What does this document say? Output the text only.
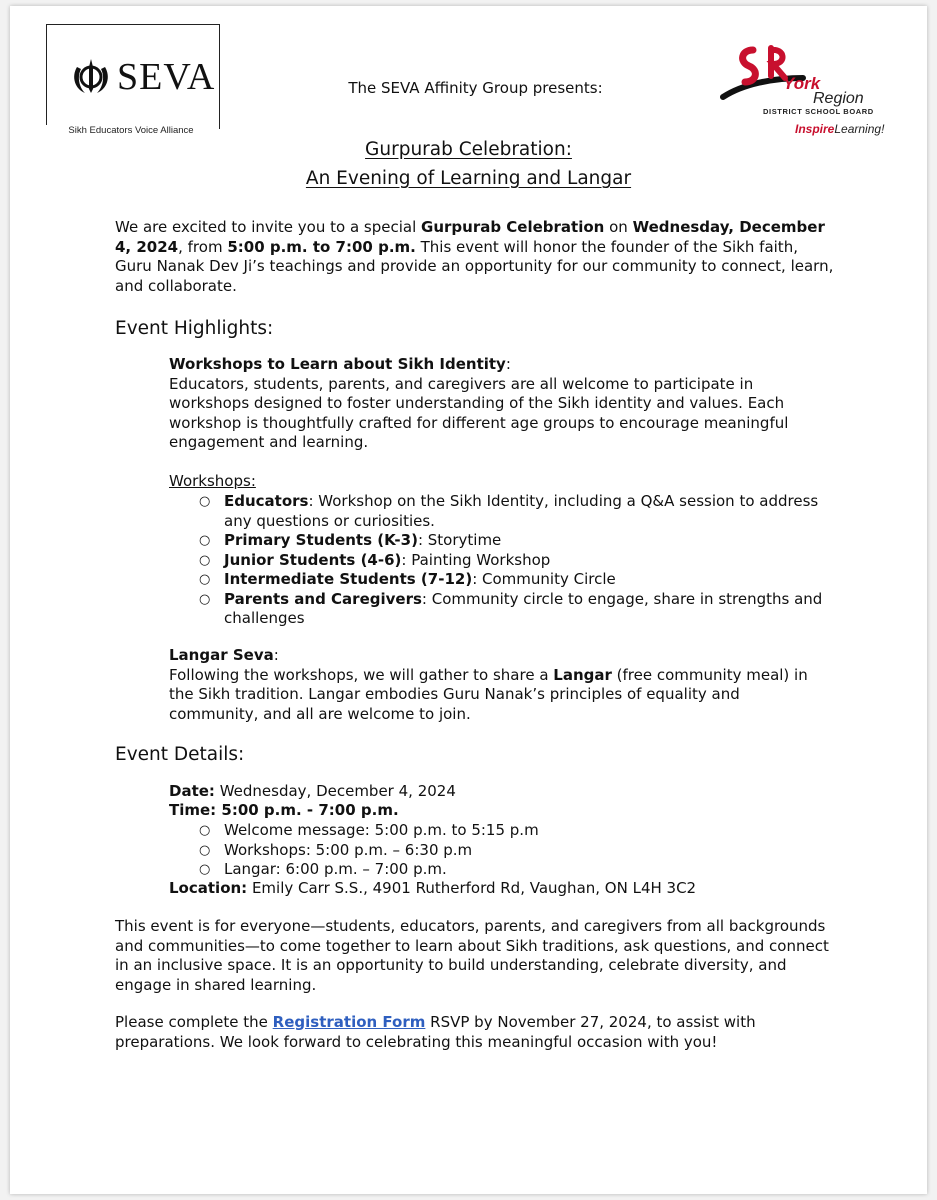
SEVA
Sikh Educators Voice Alliance
The SEVA Affinity Group presents:	York
Region
DISTRICT SCHOOL BOARD
InspireLearning!
Gurpurab Celebration:
An Evening of Learning and Langar
We are excited to invite you to a special Gurpurab Celebration on Wednesday, December 4, 2024, from 5:00 p.m. to 7:00 p.m. This event will honor the founder of the Sikh faith, Guru Nanak Dev Ji’s teachings and provide an opportunity for our community to connect, learn, and collaborate.
Event Highlights:
Workshops to Learn about Sikh Identity:
Educators, students, parents, and caregivers are all welcome to participate in workshops designed to foster understanding of the Sikh identity and values. Each workshop is thoughtfully crafted for different age groups to encourage meaningful engagement and learning.
Workshops:
○ Educators: Workshop on the Sikh Identity, including a Q&A session to address any questions or curiosities.
○ Primary Students (K-3): Storytime
○ Junior Students (4-6): Painting Workshop
○ Intermediate Students (7-12): Community Circle
○ Parents and Caregivers: Community circle to engage, share in strengths and challenges
Langar Seva:
Following the workshops, we will gather to share a Langar (free community meal) in the Sikh tradition. Langar embodies Guru Nanak’s principles of equality and community, and all are welcome to join.
Event Details:
Date: Wednesday, December 4, 2024
Time: 5:00 p.m. - 7:00 p.m.
○ Welcome message: 5:00 p.m. to 5:15 p.m
○ Workshops: 5:00 p.m. – 6:30 p.m
○ Langar: 6:00 p.m. – 7:00 p.m.
Location: Emily Carr S.S., 4901 Rutherford Rd, Vaughan, ON L4H 3C2
This event is for everyone—students, educators, parents, and caregivers from all backgrounds and communities—to come together to learn about Sikh traditions, ask questions, and connect in an inclusive space. It is an opportunity to build understanding, celebrate diversity, and engage in shared learning.
Please complete the Registration Form RSVP by November 27, 2024, to assist with preparations. We look forward to celebrating this meaningful occasion with you!
